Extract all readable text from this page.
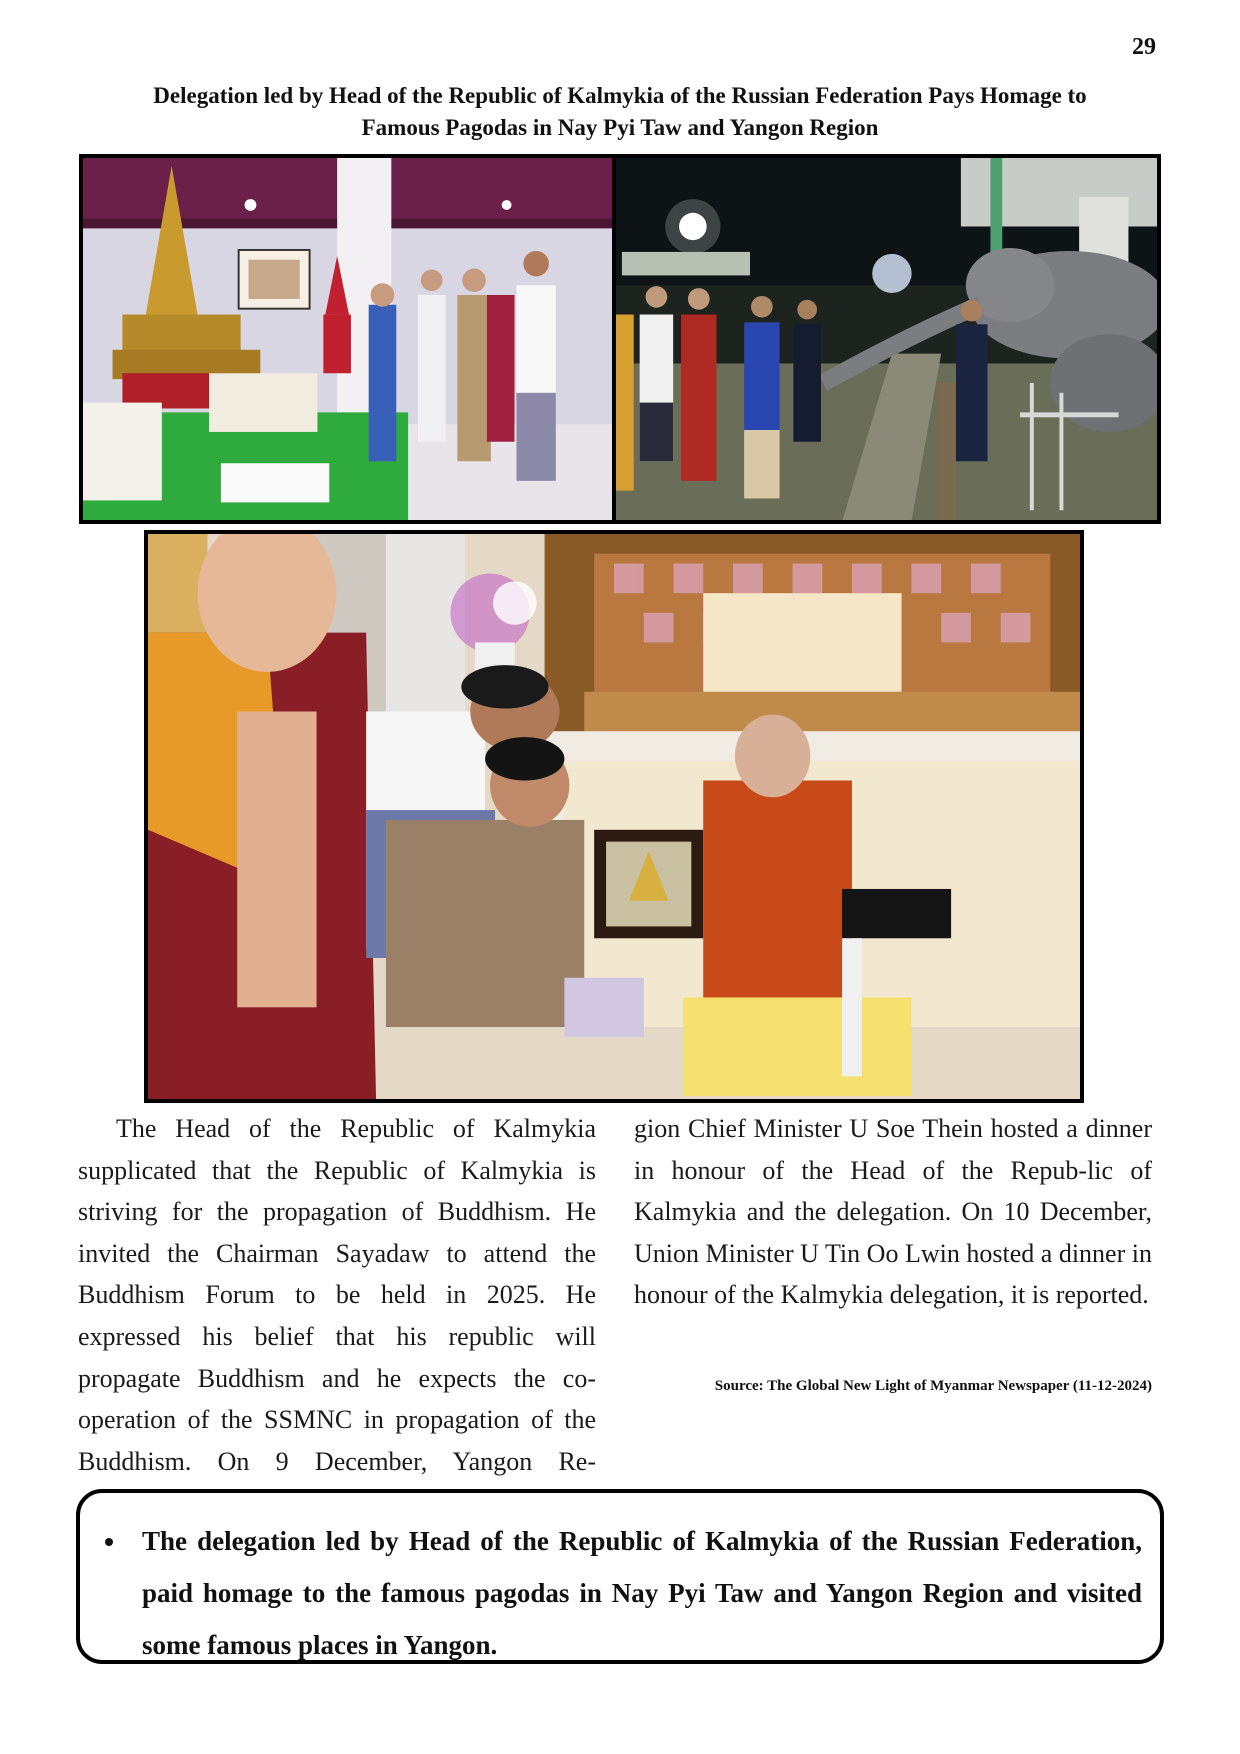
29
Delegation led by Head of the Republic of Kalmykia of the Russian Federation Pays Homage to
Famous Pagodas in Nay Pyi Taw and Yangon Region

The Head of the Republic of Kalmykia supplicated that the Republic of Kalmykia is striving for the propagation of Buddhism. He invited the Chairman Sayadaw to attend the Buddhism Forum to be held in 2025. He expressed his belief that his republic will propagate Buddhism and he expects the co-operation of the SSMNC in propagation of the Buddhism. On 9 December, Yangon Re-

gion Chief Minister U Soe Thein hosted a dinner in honour of the Head of the Repub-lic of Kalmykia and the delegation. On 10 December, Union Minister U Tin Oo Lwin hosted a dinner in honour of the Kalmykia delegation, it is reported.

Source: The Global New Light of Myanmar Newspaper (11-12-2024)
• The delegation led by Head of the Republic of Kalmykia of the Russian Federation, paid homage to the famous pagodas in Nay Pyi Taw and Yangon Region and visited some famous places in Yangon.
